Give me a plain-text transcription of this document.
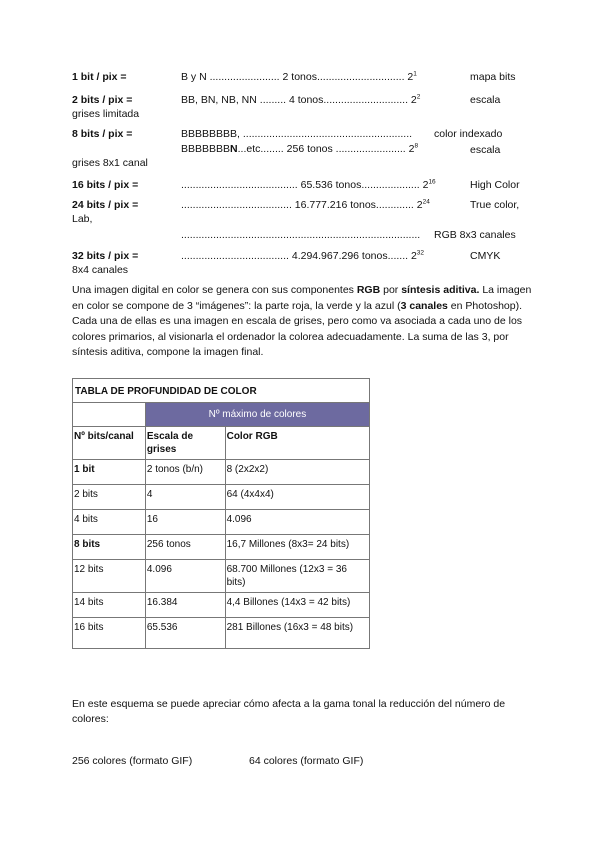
1 bit / pix =	B y N ........................ 2 tonos.............................. $2^1$	mapa bits
2 bits / pix =	BB, BN, NB, NN ......... 4 tonos............................. $2^2$	escala
grises limitada
8 bits / pix =	BBBBBBBB, .......................................................... color indexado
BBBBBBBN...etc........ 256 tonos ........................ $2^8$	escala
grises 8x1 canal
16 bits / pix =	........................................ 65.536 tonos.................... $2^{16}$	High Color
24 bits / pix =	...................................... 16.777.216 tonos............. $2^{24}$	True color,
Lab,
.................................................................................. RGB 8x3 canales
32 bits / pix =	..................................... 4.294.967.296 tonos....... $2^{32}$	CMYK
8x4 canales
Una imagen digital en color se genera con sus componentes RGB por síntesis aditiva. La imagen en color se compone de 3 “imágenes”: la parte roja, la verde y la azul (3 canales en Photoshop). Cada una de ellas es una imagen en escala de grises, pero como va asociada a cada uno de los colores primarios, al visionarla el ordenador la colorea adecuadamente. La suma de las 3, por síntesis aditiva, compone la imagen final.
TABLA DE PROFUNDIDAD DE COLOR		
	Nº máximo de colores	
Nº bits/canal	Escala de grises	Color RGB
1 bit	2 tonos (b/n)	8 (2x2x2)
2 bits	4	64 (4x4x4)
4 bits	16	4.096
8 bits	256 tonos	16,7 Millones (8x3= 24 bits)
12 bits	4.096	68.700 Millones (12x3 = 36 bits)
14 bits	16.384	4,4 Billones (14x3 = 42 bits)
16 bits	65.536	281 Billones (16x3 = 48 bits)
En este esquema se puede apreciar cómo afecta a la gama tonal la reducción del número de colores:
256 colores (formato GIF)	64 colores (formato GIF)
